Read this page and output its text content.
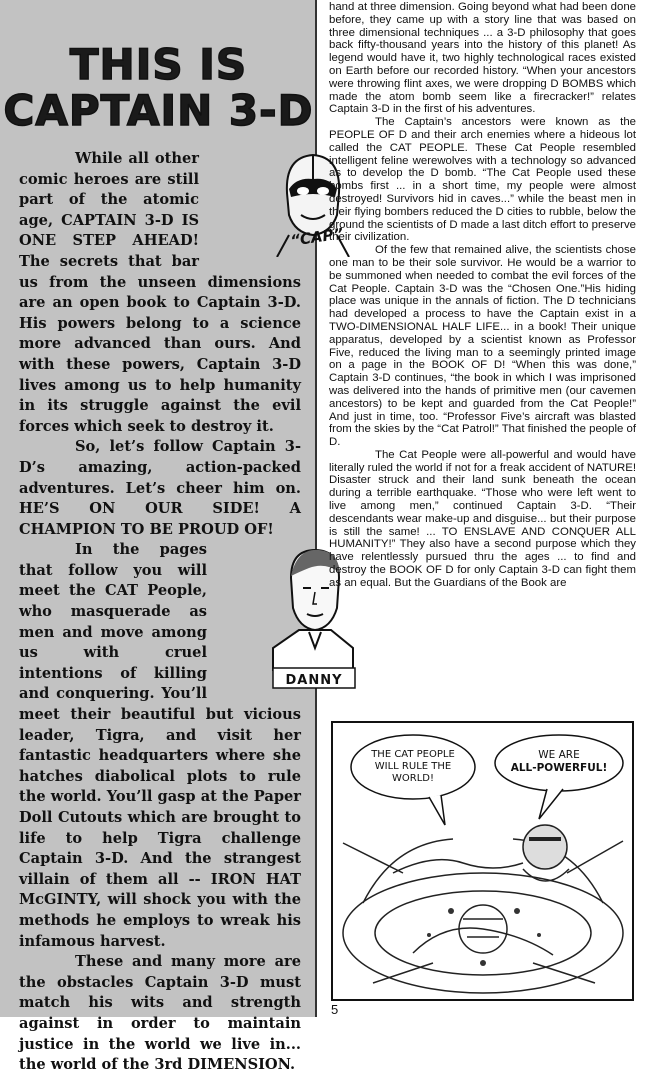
THIS IS
CAPTAIN 3-D

“CAP”
While all other comic heroes are still part of the atomic age, CAPTAIN 3-D IS ONE STEP AHEAD! The secrets that bar us from the unseen dimensions are an open book to Captain 3-D. His powers belong to a science more advanced than ours. And with these powers, Captain 3-D lives among us to help humanity in its struggle against the evil forces which seek to destroy it.

So, let’s follow Captain 3-D’s amazing, action-packed adventures. Let’s cheer him on. HE’S ON OUR SIDE! A CHAMPION TO BE PROUD OF!

DANNY
In the pages that follow you will meet the CAT People, who masquerade as men and move among us with cruel intentions of killing and conquering. You’ll meet their beautiful but vicious leader, Tigra, and visit her fantastic headquarters where she hatches diabolical plots to rule the world. You’ll gasp at the Paper Doll Cutouts which are brought to life to help Tigra challenge Captain 3-D. And the strangest villain of them all -- IRON HAT McGINTY, will shock you with the methods he employs to wreak his infamous harvest.

These and many more are the obstacles Captain 3-D must match his wits and strength against in order to maintain justice in the world we live in... the world of the 3rd DIMENSION.

hand at three dimension. Going beyond what had been done before, they came up with a story line that was based on three dimensional techniques ... a 3-D philosophy that goes back fifty-thousand years into the history of this planet! As legend would have it, two highly technological races existed on Earth before our recorded history. “When your ancestors were throwing flint axes, we were dropping D BOMBS which made the atom bomb seem like a firecracker!” relates Captain 3-D in the first of his adventures.

The Captain’s ancestors were known as the PEOPLE OF D and their arch enemies where a hideous lot called the CAT PEOPLE. These Cat People resembled intelligent feline werewolves with a technology so advanced as to develop the D bomb. “The Cat People used these bombs first ... in a short time, my people were almost destroyed! Survivors hid in caves...” while the beast men in their flying bombers reduced the D cities to rubble, below the ground the scientists of D made a last ditch effort to preserve their civilization.

Of the few that remained alive, the scientists chose one man to be their sole survivor. He would be a warrior to be summoned when needed to combat the evil forces of the Cat People. Captain 3-D was the “Chosen One.”His hiding place was unique in the annals of fiction. The D technicians had developed a process to have the Captain exist in a TWO-DIMENSIONAL HALF LIFE... in a book! Their unique apparatus, developed by a scientist known as Professor Five, reduced the living man to a seemingly printed image on a page in the BOOK OF D! “When this was done,” Captain 3-D continues, “the book in which I was imprisoned was delivered into the hands of primitive men (our cavemen ancestors) to be kept and guarded from the Cat People!” And just in time, too. “Professor Five’s aircraft was blasted from the skies by the “Cat Patrol!” That finished the people of D.

The Cat People were all-powerful and would have literally ruled the world if not for a freak accident of NATURE! Disaster struck and their land sunk beneath the ocean during a terrible earthquake. “Those who were left went to live among men,” continued Captain 3-D. “Their descendants wear make-up and disguise... but their purpose is still the same! ... TO ENSLAVE AND CONQUER ALL HUMANITY!” They also have a second purpose which they have relentlessly pursued thru the ages ... to find and destroy the BOOK OF D for only Captain 3-D can fight them as an equal. But the Guardians of the Book are

THE CAT PEOPLE WILL RULE THE WORLD!
WE ARE
ALL-POWERFUL!
5
